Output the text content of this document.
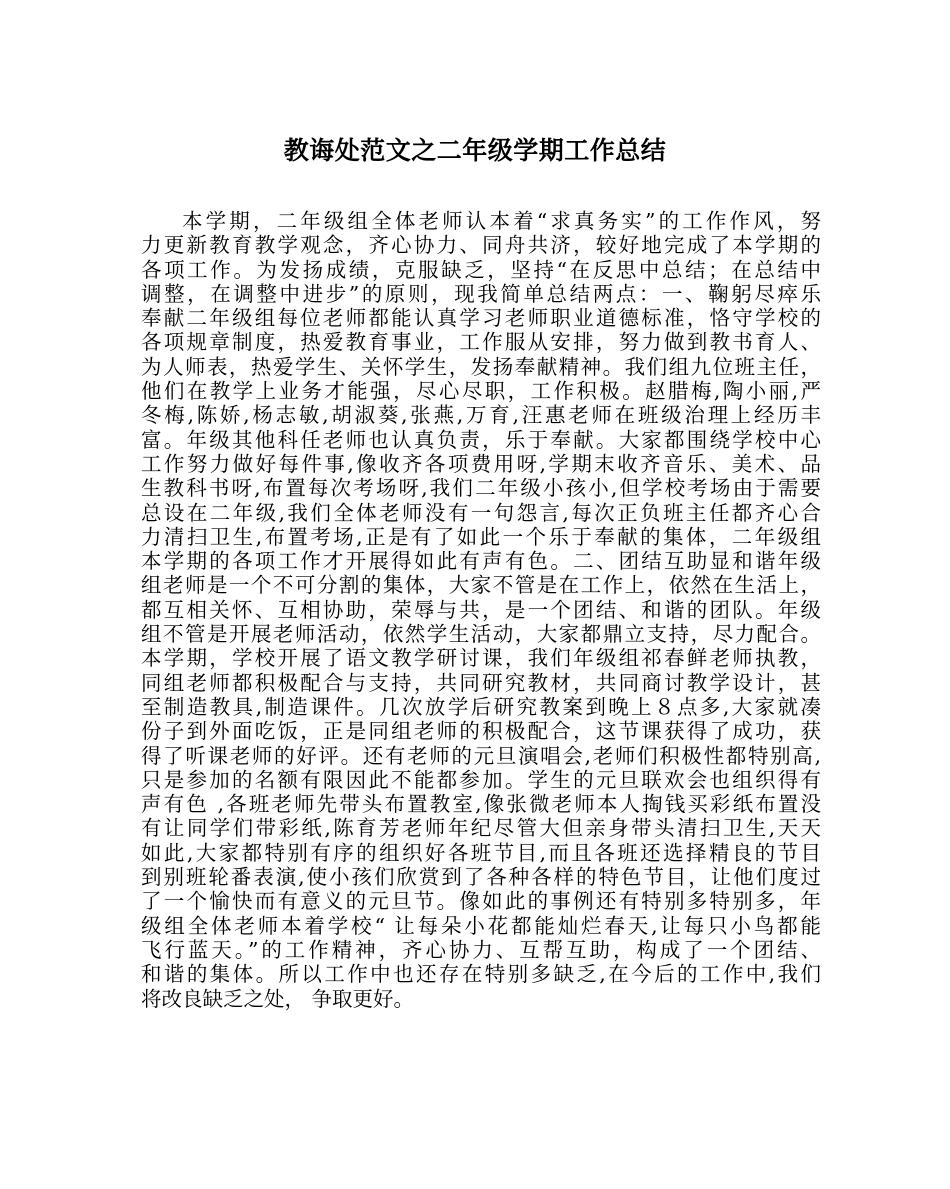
教诲处范文之二年级学期工作总结
本学期，二年级组全体老师认本着“求真务实”的工作作风，努
力更新教育教学观念，齐心协力、同舟共济，较好地完成了本学期的
各项工作。为发扬成绩，克服缺乏，坚持“在反思中总结；在总结中
调整，在调整中进步”的原则，现我简单总结两点：一、鞠躬尽瘁乐
奉献二年级组每位老师都能认真学习老师职业道德标准，恪守学校的
各项规章制度，热爱教育事业，工作服从安排，努力做到教书育人、
为人师表，热爱学生、关怀学生，发扬奉献精神。我们组九位班主任，
他们在教学上业务才能强，尽心尽职，工作积极。赵腊梅,陶小丽,严
冬梅,陈娇,杨志敏,胡淑葵,张燕,万育,汪惠老师在班级治理上经历丰
富。年级其他科任老师也认真负责，乐于奉献。大家都围绕学校中心
工作努力做好每件事,像收齐各项费用呀,学期末收齐音乐、美术、品
生教科书呀,布置每次考场呀,我们二年级小孩小,但学校考场由于需要
总设在二年级,我们全体老师没有一句怨言,每次正负班主任都齐心合
力清扫卫生,布置考场,正是有了如此一个乐于奉献的集体，二年级组
本学期的各项工作才开展得如此有声有色。二、团结互助显和谐年级
组老师是一个不可分割的集体，大家不管是在工作上，依然在生活上，
都互相关怀、互相协助，荣辱与共，是一个团结、和谐的团队。年级
组不管是开展老师活动，依然学生活动，大家都鼎立支持，尽力配合。
本学期，学校开展了语文教学研讨课，我们年级组祁春鲜老师执教，
同组老师都积极配合与支持，共同研究教材，共同商讨教学设计，甚
至制造教具,制造课件。几次放学后研究教案到晚上８点多,大家就凑
份子到外面吃饭，正是同组老师的积极配合，这节课获得了成功，获
得了听课老师的好评。还有老师的元旦演唱会,老师们积极性都特别高,
只是参加的名额有限因此不能都参加。学生的元旦联欢会也组织得有
声有色 ,各班老师先带头布置教室,像张微老师本人掏钱买彩纸布置没
有让同学们带彩纸,陈育芳老师年纪尽管大但亲身带头清扫卫生,天天
如此,大家都特别有序的组织好各班节目,而且各班还选择精良的节目
到别班轮番表演,使小孩们欣赏到了各种各样的特色节目，让他们度过
了一个愉快而有意义的元旦节。像如此的事例还有特别多特别多，年
级组全体老师本着学校“ 让每朵小花都能灿烂春天,让每只小鸟都能
飞行蓝天。”的工作精神，齐心协力、互帮互助，构成了一个团结、
和谐的集体。所以工作中也还存在特别多缺乏,在今后的工作中,我们
将改良缺乏之处， 争取更好。
